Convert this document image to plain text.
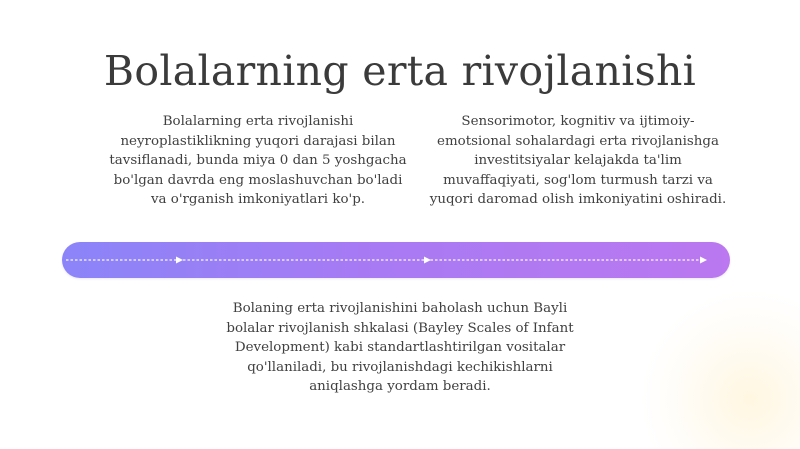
Bolalarning erta rivojlanishi
Bolalarning erta rivojlanishi neyroplastiklikning yuqori darajasi bilan tavsiflanadi, bunda miya 0 dan 5 yoshgacha bo'lgan davrda eng moslashuvchan bo'ladi va o'rganish imkoniyatlari ko'p.
Sensorimotor, kognitiv va ijtimoiy-emotsional sohalardagi erta rivojlanishga investitsiyalar kelajakda ta'lim muvaffaqiyati, sog'lom turmush tarzi va yuqori daromad olish imkoniyatini oshiradi.
Bolaning erta rivojlanishini baholash uchun Bayli bolalar rivojlanish shkalasi (Bayley Scales of Infant Development) kabi standartlashtirilgan vositalar qo'llaniladi, bu rivojlanishdagi kechikishlarni aniqlashga yordam beradi.
